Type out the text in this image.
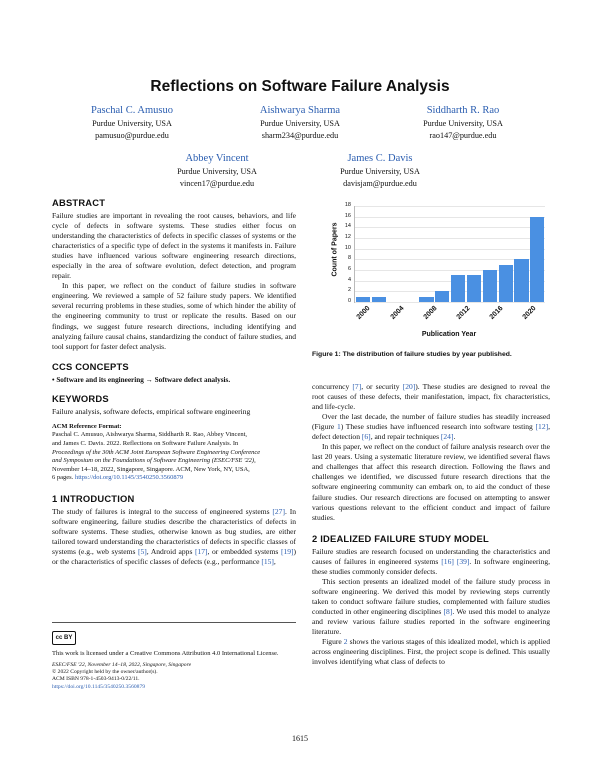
Reflections on Software Failure Analysis
Paschal C. Amusuo
Purdue University, USA
pamusuo@purdue.edu
Aishwarya Sharma
Purdue University, USA
sharm234@purdue.edu
Siddharth R. Rao
Purdue University, USA
rao147@purdue.edu
Abbey Vincent
Purdue University, USA
vincen17@purdue.edu
James C. Davis
Purdue University, USA
davisjam@purdue.edu
ABSTRACT
Failure studies are important in revealing the root causes, behaviors, and life cycle of defects in software systems. These studies either focus on understanding the characteristics of defects in specific classes of systems or the characteristics of a specific type of defect in the systems it manifests in. Failure studies have influenced various software engineering research directions, especially in the area of software evolution, defect detection, and program repair.
In this paper, we reflect on the conduct of failure studies in software engineering. We reviewed a sample of 52 failure study papers. We identified several recurring problems in these studies, some of which hinder the ability of the engineering community to trust or replicate the results. Based on our findings, we suggest future research directions, including identifying and analyzing failure causal chains, standardizing the conduct of failure studies, and tool support for faster defect analysis.
CCS CONCEPTS
• Software and its engineering → Software defect analysis.
KEYWORDS
Failure analysis, software defects, empirical software engineering
ACM Reference Format:
Paschal C. Amusuo, Aishwarya Sharma, Siddharth R. Rao, Abbey Vincent,
and James C. Davis. 2022. Reflections on Software Failure Analysis. In
Proceedings of the 30th ACM Joint European Software Engineering Conference
and Symposium on the Foundations of Software Engineering (ESEC/FSE '22),
November 14–18, 2022, Singapore, Singapore. ACM, New York, NY, USA,
6 pages. https://doi.org/10.1145/3540250.3560879
1 INTRODUCTION
The study of failures is integral to the success of engineered systems [27]. In software engineering, failure studies describe the characteristics of defects in software systems. These studies, otherwise known as bug studies, are either tailored toward understanding the characteristics of defects in specific classes of systems (e.g., web systems [5], Android apps [17], or embedded systems [19]) or the characteristics of specific classes of defects (e.g., performance [15],
cc BY
This work is licensed under a Creative Commons Attribution 4.0 International License.
ESEC/FSE '22, November 14–18, 2022, Singapore, Singapore
© 2022 Copyright held by the owner/author(s).
ACM ISBN 978-1-4503-9413-0/22/11.
https://doi.org/10.1145/3540250.3560879
0
2
4
6
8
10
12
14
16
18
2000 2004 2008 2012 2016 2020
Count of Papers
Publication Year
Figure 1: The distribution of failure studies by year published.
concurrency [7], or security [20]). These studies are designed to reveal the root causes of these defects, their manifestation, impact, fix characteristics, and life-cycle.
Over the last decade, the number of failure studies has steadily increased (Figure 1) These studies have influenced research into software testing [12], defect detection [6], and repair techniques [24].
In this paper, we reflect on the conduct of failure analysis research over the last 20 years. Using a systematic literature review, we identified several flaws and challenges that affect this research direction. Following the flaws and challenges we identified, we discussed future research directions that the software engineering community can embark on, to aid the conduct of these failure studies. Our research directions are focused on attempting to answer various questions relevant to the efficient conduct and impact of failure studies.
2 IDEALIZED FAILURE STUDY MODEL
Failure studies are research focused on understanding the characteristics and causes of failures in engineered systems [16] [39]. In software engineering, these studies commonly consider defects.
This section presents an idealized model of the failure study process in software engineering. We derived this model by reviewing steps currently taken to conduct software failure studies, complemented with failure studies conducted in other engineering disciplines [8]. We used this model to analyze and review various failure studies reported in the software engineering literature.
Figure 2 shows the various stages of this idealized model, which is applied across engineering disciplines. First, the project scope is defined. This usually involves identifying what class of defects to
1615
